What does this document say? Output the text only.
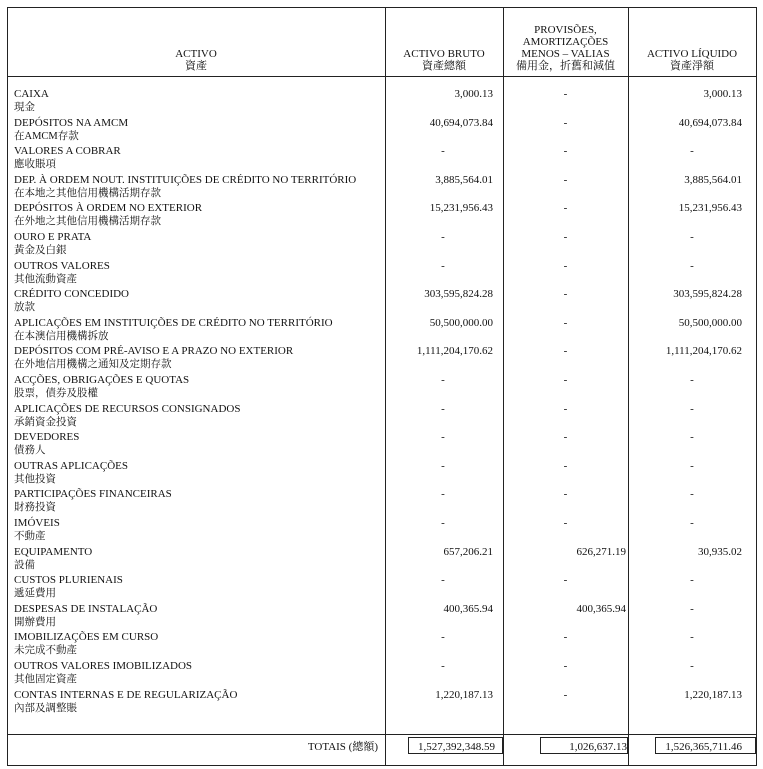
ACTIVO
資產
ACTIVO BRUTO
資產總額
PROVISÕES,
AMORTIZAÇÕES
MENOS – VALIAS
備用金，折舊和減值
ACTIVO LÍQUIDO
資產淨額
CAIXA
現金
3,000.13	-	3,000.13
DEPÓSITOS NA AMCM
在AMCM存款
40,694,073.84	-	40,694,073.84
VALORES A COBRAR
應收賬項
-	-	-
DEP. À ORDEM NOUT. INSTITUIÇÕES DE CRÉDITO NO TERRITÓRIO
在本地之其他信用機構活期存款
3,885,564.01	-	3,885,564.01
DEPÓSITOS À ORDEM NO EXTERIOR
在外地之其他信用機構活期存款
15,231,956.43	-	15,231,956.43
OURO E PRATA
黃金及白銀
-	-	-
OUTROS VALORES
其他流動資產
-	-	-
CRÉDITO CONCEDIDO
放款
303,595,824.28	-	303,595,824.28
APLICAÇÕES EM INSTITUIÇÕES DE CRÉDITO NO TERRITÓRIO
在本澳信用機構拆放
50,500,000.00	-	50,500,000.00
DEPÓSITOS COM PRÉ-AVISO E A PRAZO NO EXTERIOR
在外地信用機構之通知及定期存款
1,111,204,170.62	-	1,111,204,170.62
ACÇÕES, OBRIGAÇÕES E QUOTAS
股票，債券及股權
-	-	-
APLICAÇÕES DE RECURSOS CONSIGNADOS
承銷資金投資
-	-	-
DEVEDORES
債務人
-	-	-
OUTRAS APLICAÇÕES
其他投資
-	-	-
PARTICIPAÇÕES FINANCEIRAS
財務投資
-	-	-
IMÓVEIS
不動產
-	-	-
EQUIPAMENTO
設備
657,206.21	626,271.19	30,935.02
CUSTOS PLURIENAIS
遞延費用
-	-	-
DESPESAS DE INSTALAÇÃO
開辦費用
400,365.94	400,365.94	-
IMOBILIZAÇÕES EM CURSO
未完成不動產
-	-	-
OUTROS VALORES IMOBILIZADOS
其他固定資產
-	-	-
CONTAS INTERNAS E DE REGULARIZAÇÃO
內部及調整賬
1,220,187.13	-	1,220,187.13
TOTAIS (總額)	1,527,392,348.59	1,026,637.13	1,526,365,711.46
